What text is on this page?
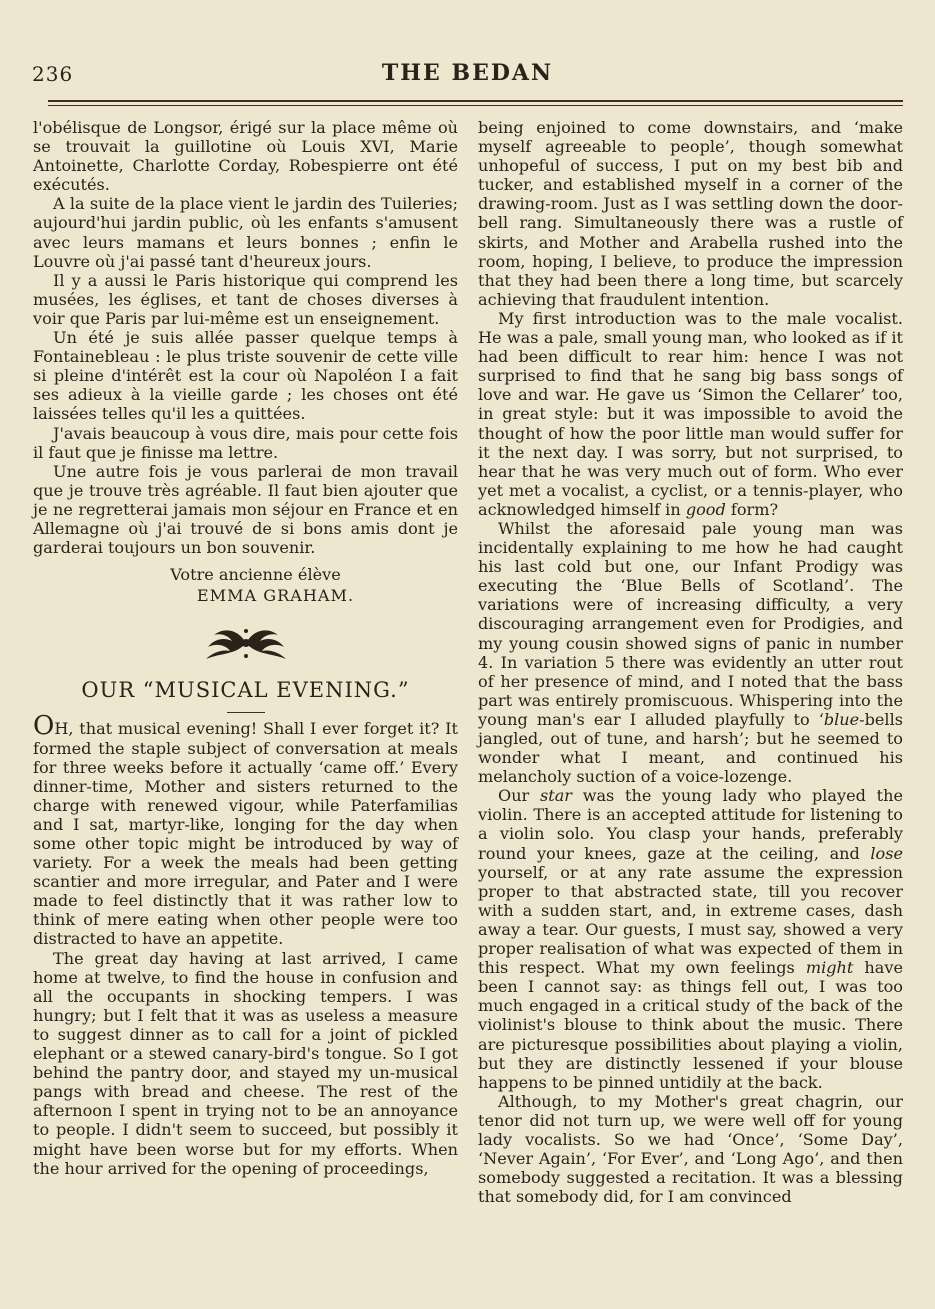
236	THE BEDAN

l'obélisque de Longsor, érigé sur la place même où se trouvait la guillotine où Louis XVI, Marie Antoinette, Charlotte Corday, Robespierre ont été exécutés.

A la suite de la place vient le jardin des Tuileries; aujourd'hui jardin public, où les enfants s'amusent avec leurs mamans et leurs bonnes ; enfin le Louvre où j'ai passé tant d'heureux jours.

Il y a aussi le Paris historique qui comprend les musées, les églises, et tant de choses diverses à voir que Paris par lui-même est un enseignement.

Un été je suis allée passer quelque temps à Fontainebleau : le plus triste souvenir de cette ville si pleine d'intérêt est la cour où Napoléon I a fait ses adieux à la vieille garde ; les choses ont été laissées telles qu'il les a quittées.

J'avais beaucoup à vous dire, mais pour cette fois il faut que je finisse ma lettre.

Une autre fois je vous parlerai de mon travail que je trouve très agréable. Il faut bien ajouter que je ne regretterai jamais mon séjour en France et en Allemagne où j'ai trouvé de si bons amis dont je garderai toujours un bon souvenir.

Votre ancienne élève
EMMA GRAHAM.
OUR “MUSICAL EVENING.”

OH, that musical evening! Shall I ever forget it? It formed the staple subject of conversation at meals for three weeks before it actually ‘came off.’ Every dinner-time, Mother and sisters returned to the charge with renewed vigour, while Paterfamilias and I sat, martyr-like, longing for the day when some other topic might be introduced by way of variety. For a week the meals had been getting scantier and more irregular, and Pater and I were made to feel distinctly that it was rather low to think of mere eating when other people were too distracted to have an appetite.

The great day having at last arrived, I came home at twelve, to find the house in confusion and all the occupants in shocking tempers. I was hungry; but I felt that it was as useless a measure to suggest dinner as to call for a joint of pickled elephant or a stewed canary-bird's tongue. So I got behind the pantry door, and stayed my un-musical pangs with bread and cheese. The rest of the afternoon I spent in trying not to be an annoyance to people. I didn't seem to succeed, but possibly it might have been worse but for my efforts. When the hour arrived for the opening of proceedings,

being enjoined to come downstairs, and ‘make myself agreeable to people’, though somewhat unhopeful of success, I put on my best bib and tucker, and established myself in a corner of the drawing-room. Just as I was settling down the door-bell rang. Simultaneously there was a rustle of skirts, and Mother and Arabella rushed into the room, hoping, I believe, to produce the impression that they had been there a long time, but scarcely achieving that fraudulent intention.

My first introduction was to the male vocalist. He was a pale, small young man, who looked as if it had been difficult to rear him: hence I was not surprised to find that he sang big bass songs of love and war. He gave us ‘Simon the Cellarer’ too, in great style: but it was impossible to avoid the thought of how the poor little man would suffer for it the next day. I was sorry, but not surprised, to hear that he was very much out of form. Who ever yet met a vocalist, a cyclist, or a tennis-player, who acknowledged himself in good form?

Whilst the aforesaid pale young man was incidentally explaining to me how he had caught his last cold but one, our Infant Prodigy was executing the ‘Blue Bells of Scotland’. The variations were of increasing difficulty, a very discouraging arrangement even for Prodigies, and my young cousin showed signs of panic in number 4. In variation 5 there was evidently an utter rout of her presence of mind, and I noted that the bass part was entirely promiscuous. Whispering into the young man's ear I alluded playfully to ‘blue-bells jangled, out of tune, and harsh’; but he seemed to wonder what I meant, and continued his melancholy suction of a voice-lozenge.

Our star was the young lady who played the violin. There is an accepted attitude for listening to a violin solo. You clasp your hands, preferably round your knees, gaze at the ceiling, and lose yourself, or at any rate assume the expression proper to that abstracted state, till you recover with a sudden start, and, in extreme cases, dash away a tear. Our guests, I must say, showed a very proper realisation of what was expected of them in this respect. What my own feelings might have been I cannot say: as things fell out, I was too much engaged in a critical study of the back of the violinist's blouse to think about the music. There are picturesque possibilities about playing a violin, but they are distinctly lessened if your blouse happens to be pinned untidily at the back.

Although, to my Mother's great chagrin, our tenor did not turn up, we were well off for young lady vocalists. So we had ‘Once’, ‘Some Day’, ‘Never Again’, ‘For Ever’, and ‘Long Ago’, and then somebody suggested a recitation. It was a blessing that somebody did, for I am convinced
